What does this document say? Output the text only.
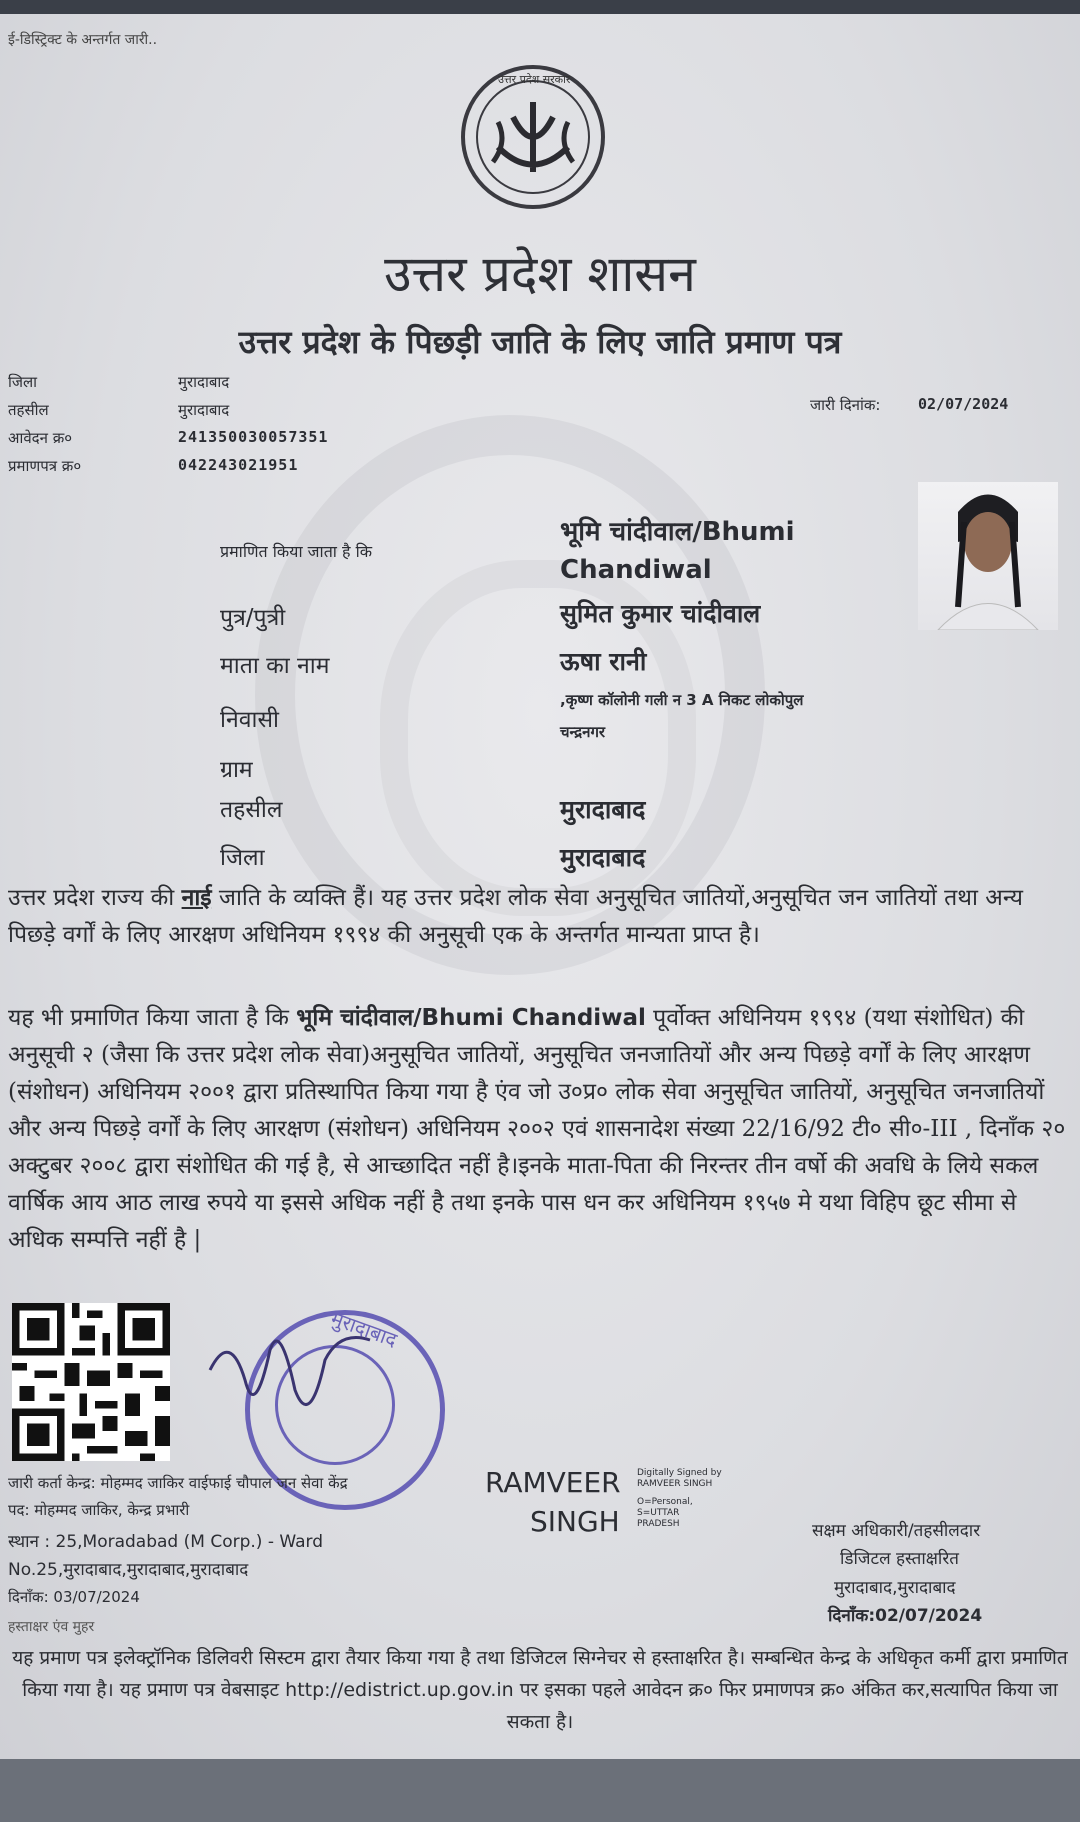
ई-डिस्ट्रिक्ट के अन्तर्गत जारी..
उत्तर प्रदेश सरकार
उत्तर प्रदेश शासन
उत्तर प्रदेश के पिछड़ी जाति के लिए जाति प्रमाण पत्र
जिला	मुरादाबाद
तहसील	मुरादाबाद
आवेदन क्र०	241350030057351
प्रमाणपत्र क्र०	042243021951
जारी दिनांक:	02/07/2024
प्रमाणित किया जाता है कि
भूमि चांदीवाल/Bhumi
Chandiwal
पुत्र/पुत्री	सुमित कुमार चांदीवाल
माता का नाम	ऊषा रानी
निवासी
,कृष्ण कॉलोनी गली न 3 A निकट लोकोपुल
चन्द्रनगर
ग्राम
तहसील	मुरादाबाद
जिला	मुरादाबाद
उत्तर प्रदेश राज्य की नाई जाति के व्यक्ति हैं। यह उत्तर प्रदेश लोक सेवा अनुसूचित जातियों,अनुसूचित जन जातियों तथा अन्य पिछड़े वर्गों के लिए आरक्षण अधिनियम १९९४ की अनुसूची एक के अन्तर्गत मान्यता प्राप्त है।
यह भी प्रमाणित किया जाता है कि भूमि चांदीवाल/Bhumi Chandiwal पूर्वोक्त अधिनियम १९९४ (यथा संशोधित) की अनुसूची २ (जैसा कि उत्तर प्रदेश लोक सेवा)अनुसूचित जातियों, अनुसूचित जनजातियों और अन्य पिछड़े वर्गों के लिए आरक्षण (संशोधन) अधिनियम २००१ द्वारा प्रतिस्थापित किया गया है एंव जो उ०प्र० लोक सेवा अनुसूचित जातियों, अनुसूचित जनजातियों और अन्य पिछड़े वर्गों के लिए आरक्षण (संशोधन) अधिनियम २००२ एवं शासनादेश संख्या 22/16/92 टी० सी०-III , दिनाँक २० अक्टुबर २००८ द्वारा संशोधित की गई है, से आच्छादित नहीं है।इनके माता-पिता की निरन्तर तीन वर्षो की अवधि के लिये सकल वार्षिक आय आठ लाख रुपये या इससे अधिक नहीं है तथा इनके पास धन कर अधिनियम १९५७ मे यथा विहिप छूट सीमा से अधिक सम्पत्ति नहीं है |
मुरादाबाद
जारी कर्ता केन्द्र: मोहम्मद जाकिर वाईफाई चौपाल जन सेवा केंद्र
पद: मोहम्मद जाकिर, केन्द्र प्रभारी
स्थान : 25,Moradabad (M Corp.) - Ward
No.25,मुरादाबाद,मुरादाबाद,मुरादाबाद
दिनाँक: 03/07/2024
हस्ताक्षर एंव मुहर
RAMVEER
SINGH
Digitally Signed by
RAMVEER SINGH
O=Personal,
S=UTTAR
PRADESH	सक्षम अधिकारी/तहसीलदार
डिजिटल हस्ताक्षरित
मुरादाबाद,मुरादाबाद
दिनाँक:02/07/2024
यह प्रमाण पत्र इलेक्ट्रॉनिक डिलिवरी सिस्टम द्वारा तैयार किया गया है तथा डिजिटल सिग्नेचर से हस्ताक्षरित है। सम्बन्धित केन्द्र के अधिकृत कर्मी द्वारा प्रमाणित किया गया है। यह प्रमाण पत्र वेबसाइट http://edistrict.up.gov.in पर इसका पहले आवेदन क्र० फिर प्रमाणपत्र क्र० अंकित कर,सत्यापित किया जा सकता है।
